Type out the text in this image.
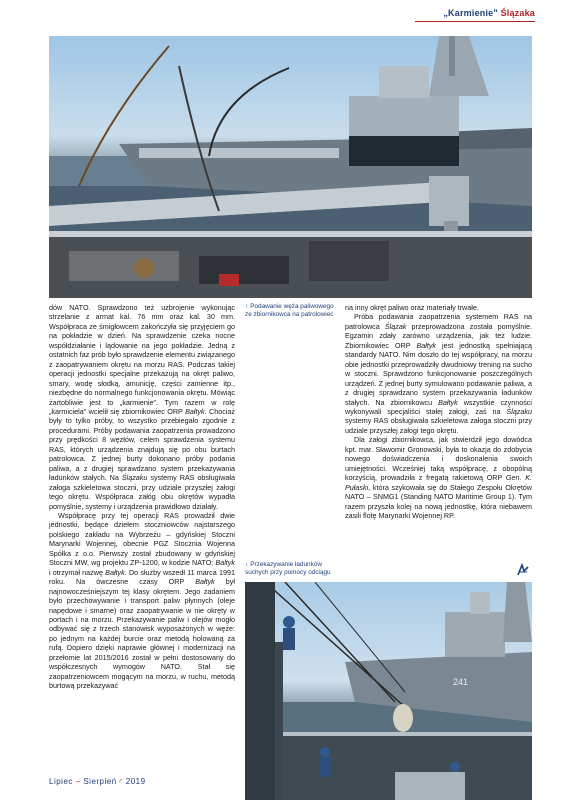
„Karmienie" Ślązaka
↑ Podawanie węża paliwowego ze zbiornikowca na patrolowiec

dów NATO. Sprawdzono też uzbrojenie wykonując strzelanie z armat kal. 76 mm oraz kal. 30 mm. Współpraca ze śmigłowcem zakończyła się przyjęciem go na pokładzie w dzień. Na sprawdzenie czeka nocne współdziałanie i lądowanie na jego pokładzie. Jedną z ostatnich faz prób było sprawdzenie elementu związanego z zaopatrywaniem okrętu na morzu RAS. Podczas takiej operacji jednostki specjalne przekazują na okręt paliwo, smary, wodę słodką, amunicję, części zamienne itp., niezbędne do normalnego funkcjonowania okrętu. Mówiąc żartobliwie jest to „karmienie". Tym razem w rolę „karmiciela" wcielił się zbiornikowiec ORP Bałtyk. Chociaż były to tylko próby, to wszystko przebiegało zgodnie z procedurami. Próby podawania zaopatrzenia prowadzono przy prędkości 8 węzłów, celem sprawdzenia systemu RAS, których urządzenia znajdują się po obu burtach patrolowca. Z jednej burty dokonano próby podania paliwa, a z drugiej sprawdzano system przekazywania ładunków stałych. Na Ślązaku systemy RAS obsługiwała załoga szkieletowa stoczni, przy udziale przyszłej załogi tego okrętu. Współpraca załóg obu okrętów wypadła pomyślnie, systemy i urządzenia prawidłowo działały.

Współpracę przy tej operacji RAS prowadził dwie jednostki, będące dziełem stoczniowców najstarszego polskiego zakładu na Wybrzeżu – gdyńskiej Stoczni Marynarki Wojennej, obecnie PGZ Stocznia Wojenna Spółka z o.o. Pierwszy został zbudowany w gdyńskiej Stoczni MW, wg projektu ZP-1200, w kodzie NATO: Baltyk i otrzymał nazwę Bałtyk. Do służby wszedł 11 marca 1991 roku. Na ówczesne czasy ORP Bałtyk był najnowocześniejszym tej klasy okrętem. Jego zadaniem było przechowywanie i transport paliw płynnych (oleje napędowe i smarne) oraz zaopatrywanie w nie okręty w portach i na morzu. Przekazywanie paliw i olejów mogło odbywać się z trzech stanowisk wyposażonych w węże: po jednym na każdej burcie oraz metodą holowaną za rufą. Dopiero dzięki naprawie głównej i modernizacji na przełomie lat 2015/2016 został w pełni dostosowany do współczesnych wymogów NATO. Stał się zaopatrzeniowcem mogącym na morzu, w ruchu, metodą burtową przekazywać

↓ Przekazywanie ładunków suchych przy pomocy odciągu

na inny okręt paliwo oraz materiały trwałe.

Próba podawania zaopatrzenia systemem RAS na patrolowca Ślązak przeprowadzona została pomyślnie. Egzamin zdały zarówno urządzenia, jak też ludzie. Zbiornikowiec ORP Bałtyk jest jednostką spełniającą standardy NATO. Nim doszło do tej współpracy, na morzu obie jednostki przeprowadziły dwudniowy trening na sucho w stoczni. Sprawdzono funkcjonowanie poszczególnych urządzeń. Z jednej burty symulowano podawanie paliwa, a z drugiej sprawdzano system przekazywania ładunków stałych. Na zbiornikowcu Bałtyk wszystkie czynności wykonywali specjaliści stałej załogi, zaś na Ślązaku systemy RAS obsługiwała szkieletowa załoga stoczni przy udziale przyszłej załogi tego okrętu.

Dla załogi zbiornikowca, jak stwierdził jego dowódca kpt. mar. Sławomir Gronowski, była to okazja do zdobycia nowego doświadczenia i doskonalenia swoich umiejętności. Wcześniej taką współpracę, z obopólną korzyścią, prowadziła z fregatą rakietową ORP Gen. K. Pułaski, która szykowała się do Stałego Zespołu Okrętów NATO – SNMG1 (Standing NATO Maritime Group 1). Tym razem przyszła kolej na nową jednostkę, która niebawem zasili flotę Marynarki Wojennej RP.

241
Lipiec – Sierpień ◜ 2019
